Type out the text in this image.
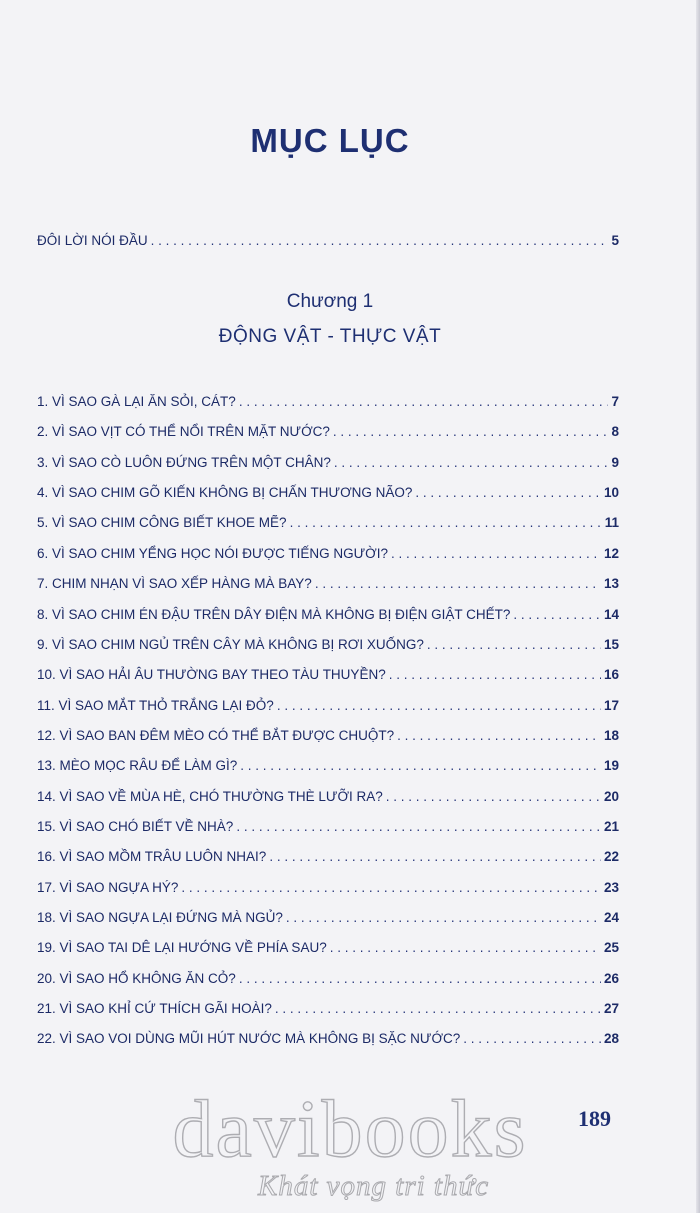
MỤC LỤC
ĐÔI LỜI NÓI ĐẦU . . .	5
Chương 1
ĐỘNG VẬT - THỰC VẬT
1. VÌ SAO GÀ LẠI ĂN SỎI, CÁT? . . .	7
2. VÌ SAO VỊT CÓ THỂ NỔI TRÊN MẶT NƯỚC? . . .	8
3. VÌ SAO CÒ LUÔN ĐỨNG TRÊN MỘT CHÂN? . . .	9
4. VÌ SAO CHIM GÕ KIẾN KHÔNG BỊ CHẤN THƯƠNG NÃO? . . .	10
5. VÌ SAO CHIM CÔNG BIẾT KHOE MẼ? . . .	11
6. VÌ SAO CHIM YỂNG HỌC NÓI ĐƯỢC TIẾNG NGƯỜI? . . .	12
7. CHIM NHẠN VÌ SAO XẾP HÀNG MÀ BAY? . . .	13
8. VÌ SAO CHIM ÉN ĐẬU TRÊN DÂY ĐIỆN MÀ KHÔNG BỊ ĐIỆN GIẬT CHẾT? . . .	14
9. VÌ SAO CHIM NGỦ TRÊN CÂY MÀ KHÔNG BỊ RƠI XUỐNG? . . .	15
10. VÌ SAO HẢI ÂU THƯỜNG BAY THEO TÀU THUYỀN? . . .	16
11. VÌ SAO MẮT THỎ TRẮNG LẠI ĐỎ? . . .	17
12. VÌ SAO BAN ĐÊM MÈO CÓ THỂ BẮT ĐƯỢC CHUỘT? . . .	18
13. MÈO MỌC RÂU ĐỂ LÀM GÌ? . . .	19
14. VÌ SAO VỀ MÙA HÈ, CHÓ THƯỜNG THÈ LƯỠI RA? . . .	20
15. VÌ SAO CHÓ BIẾT VỀ NHÀ? . . .	21
16. VÌ SAO MỒM TRÂU LUÔN NHAI? . . .	22
17. VÌ SAO NGỰA HÝ? . . .	23
18. VÌ SAO NGỰA LẠI ĐỨNG MÀ NGỦ? . . .	24
19. VÌ SAO TAI DÊ LẠI HƯỚNG VỀ PHÍA SAU? . . .	25
20. VÌ SAO HỔ KHÔNG ĂN CỎ? . . .	26
21. VÌ SAO KHỈ CỨ THÍCH GÃI HOÀI? . . .	27
22. VÌ SAO VOI DÙNG MŨI HÚT NƯỚC MÀ KHÔNG BỊ SẶC NƯỚC? . . .	28
189
davibooks
Khát vọng tri thức
